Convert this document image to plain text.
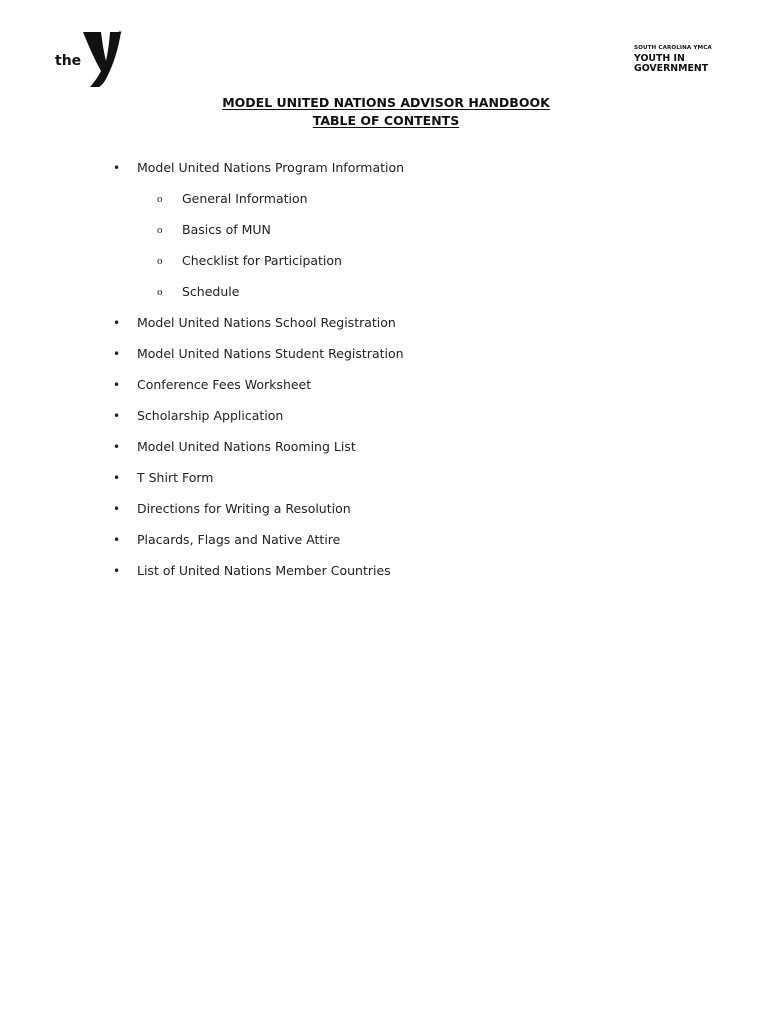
the
®
YMCA
SOUTH CAROLINA YMCA
YOUTH IN
GOVERNMENT
MODEL UNITED NATIONS ADVISOR HANDBOOK
TABLE OF CONTENTS
• Model United Nations Program Information
o General Information
o Basics of MUN
o Checklist for Participation
o Schedule
• Model United Nations School Registration
• Model United Nations Student Registration
• Conference Fees Worksheet
• Scholarship Application
• Model United Nations Rooming List
• T Shirt Form
• Directions for Writing a Resolution
• Placards, Flags and Native Attire
• List of United Nations Member Countries
